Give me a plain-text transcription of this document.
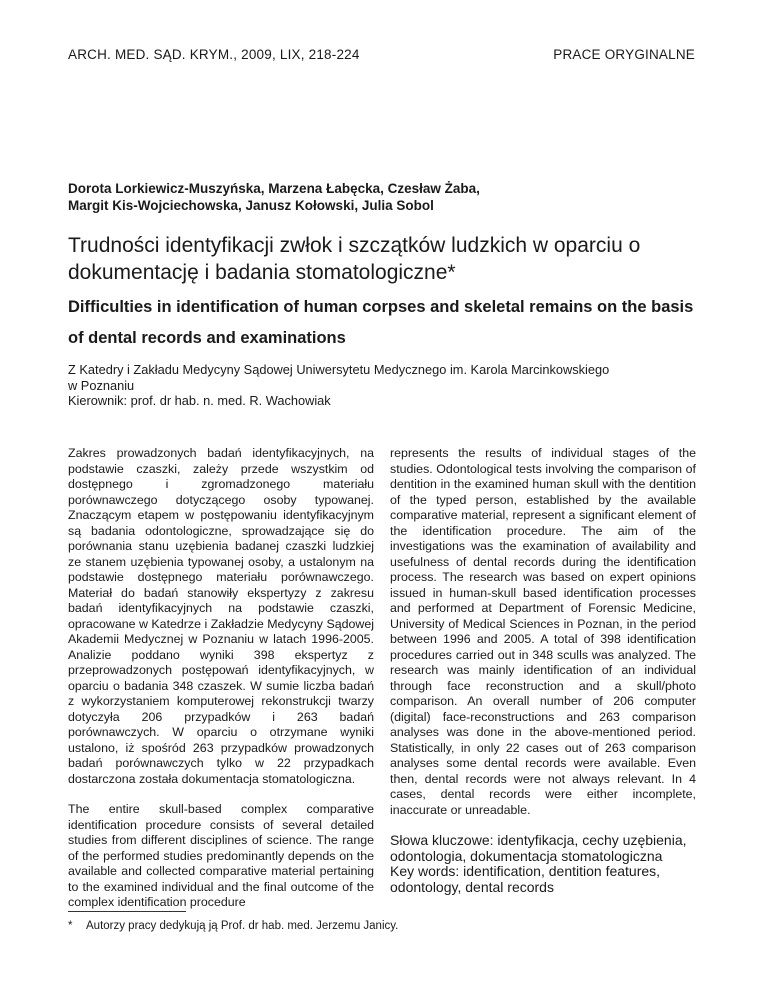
ARCH. MED. SĄD. KRYM., 2009, LIX, 218-224	PRACE ORYGINALNE
Dorota Lorkiewicz-Muszyńska, Marzena Łabęcka, Czesław Żaba,
Margit Kis-Wojciechowska, Janusz Kołowski, Julia Sobol
Trudności identyfikacji zwłok i szczątków ludzkich w oparciu o dokumentację i badania stomatologiczne*
Difficulties in identification of human corpses and skeletal remains on the basis of dental records and examinations
Z Katedry i Zakładu Medycyny Sądowej Uniwersytetu Medycznego im. Karola Marcinkowskiego
w Poznaniu
Kierownik: prof. dr hab. n. med. R. Wachowiak

Zakres prowadzonych badań identyfikacyjnych, na podstawie czaszki, zależy przede wszystkim od dostępnego i zgromadzonego materiału porównawczego dotyczącego osoby typowanej. Znaczącym etapem w postępowaniu identyfikacyjnym są badania odontologiczne, sprowadzające się do porównania stanu uzębienia badanej czaszki ludzkiej ze stanem uzębienia typowanej osoby, a ustalonym na podstawie dostępnego materiału porównawczego. Materiał do badań stanowiły ekspertyzy z zakresu badań identyfikacyjnych na podstawie czaszki, opracowane w Katedrze i Zakładzie Medycyny Sądowej Akademii Medycznej w Poznaniu w latach 1996-2005. Analizie poddano wyniki 398 ekspertyz z przeprowadzonych postępowań identyfikacyjnych, w oparciu o badania 348 czaszek. W sumie liczba badań z wykorzystaniem komputerowej rekonstrukcji twarzy dotyczyła 206 przypadków i 263 badań porównawczych. W oparciu o otrzymane wyniki ustalono, iż spośród 263 przypadków prowadzonych badań porównawczych tylko w 22 przypadkach dostarczona została dokumentacja stomatologiczna.

The entire skull-based complex comparative identification procedure consists of several detailed studies from different disciplines of science. The range of the performed studies predominantly depends on the available and collected comparative material pertaining to the examined individual and the final outcome of the complex identification procedure

represents the results of individual stages of the studies. Odontological tests involving the comparison of dentition in the examined human skull with the dentition of the typed person, established by the available comparative material, represent a significant element of the identification procedure. The aim of the investigations was the examination of availability and usefulness of dental records during the identification process. The research was based on expert opinions issued in human-skull based identification processes and performed at Department of Forensic Medicine, University of Medical Sciences in Poznan, in the period between 1996 and 2005. A total of 398 identification procedures carried out in 348 sculls was analyzed. The research was mainly identification of an individual through face reconstruction and a skull/photo comparison. An overall number of 206 computer (digital) face-reconstructions and 263 comparison analyses was done in the above-mentioned period. Statistically, in only 22 cases out of 263 comparison analyses some dental records were available. Even then, dental records were not always relevant. In 4 cases, dental records were either incomplete, inaccurate or unreadable.

Słowa kluczowe: identyfikacja, cechy uzębienia, odontologia, dokumentacja stomatologiczna
Key words: identification, dentition features, odontology, dental records
* Autorzy pracy dedykują ją Prof. dr hab. med. Jerzemu Janicy.
